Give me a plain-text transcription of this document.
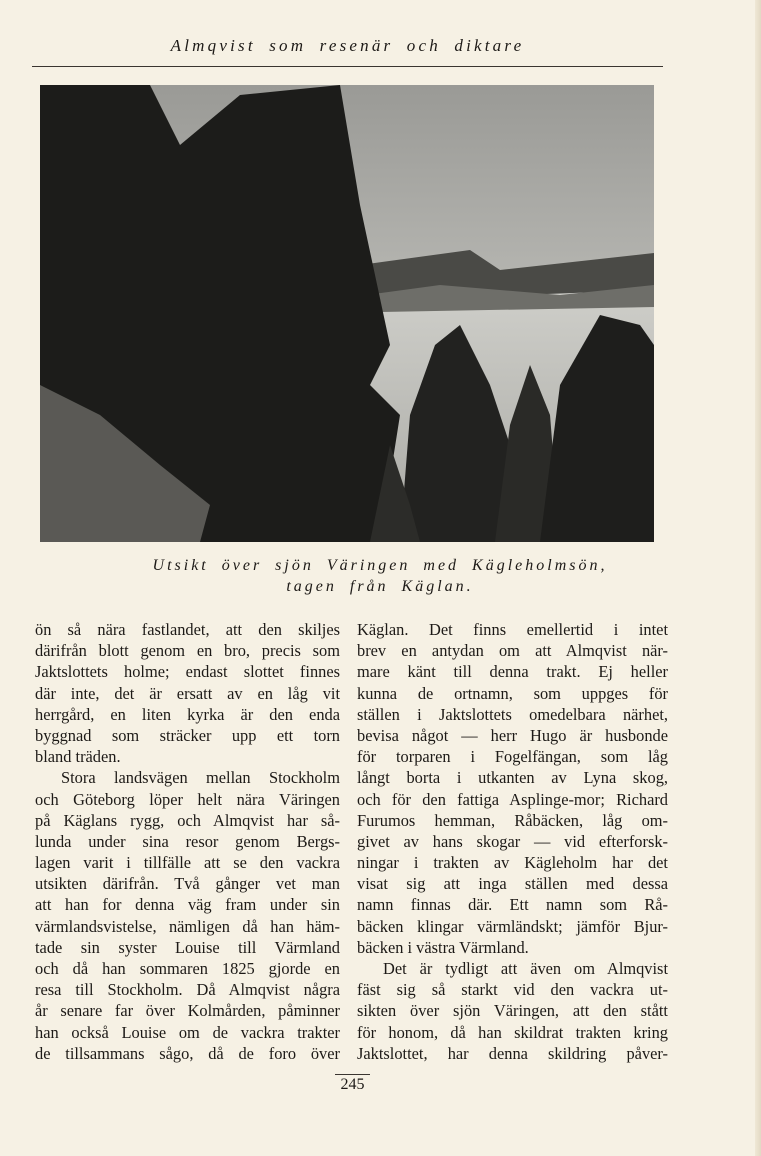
Almqvist som resenär och diktare
Utsikt över sjön Väringen med Kägleholmsön,
tagen från Käglan.
ön så nära fastlandet, att den skiljes
därifrån blott genom en bro, precis som
Jaktslottets holme; endast slottet finnes
där inte, det är ersatt av en låg vit
herrgård, en liten kyrka är den enda
byggnad som sträcker upp ett torn
bland träden.
Stora landsvägen mellan Stockholm
och Göteborg löper helt nära Väringen
på Käglans rygg, och Almqvist har så-
lunda under sina resor genom Bergs-
lagen varit i tillfälle att se den vackra
utsikten därifrån. Två gånger vet man
att han for denna väg fram under sin
värmlandsvistelse, nämligen då han häm-
tade sin syster Louise till Värmland
och då han sommaren 1825 gjorde en
resa till Stockholm. Då Almqvist några
år senare far över Kolmården, påminner
han också Louise om de vackra trakter
de tillsammans sågo, då de foro över
Käglan. Det finns emellertid i intet
brev en antydan om att Almqvist när-
mare känt till denna trakt. Ej heller
kunna de ortnamn, som uppges för
ställen i Jaktslottets omedelbara närhet,
bevisa något — herr Hugo är husbonde
för torparen i Fogelfängan, som låg
långt borta i utkanten av Lyna skog,
och för den fattiga Asplinge-mor; Richard
Furumos hemman, Råbäcken, låg om-
givet av hans skogar — vid efterforsk-
ningar i trakten av Kägleholm har det
visat sig att inga ställen med dessa
namn finnas där. Ett namn som Rå-
bäcken klingar värmländskt; jämför Bjur-
bäcken i västra Värmland.
Det är tydligt att även om Almqvist
fäst sig så starkt vid den vackra ut-
sikten över sjön Väringen, att den stått
för honom, då han skildrat trakten kring
Jaktslottet, har denna skildring påver-
245
